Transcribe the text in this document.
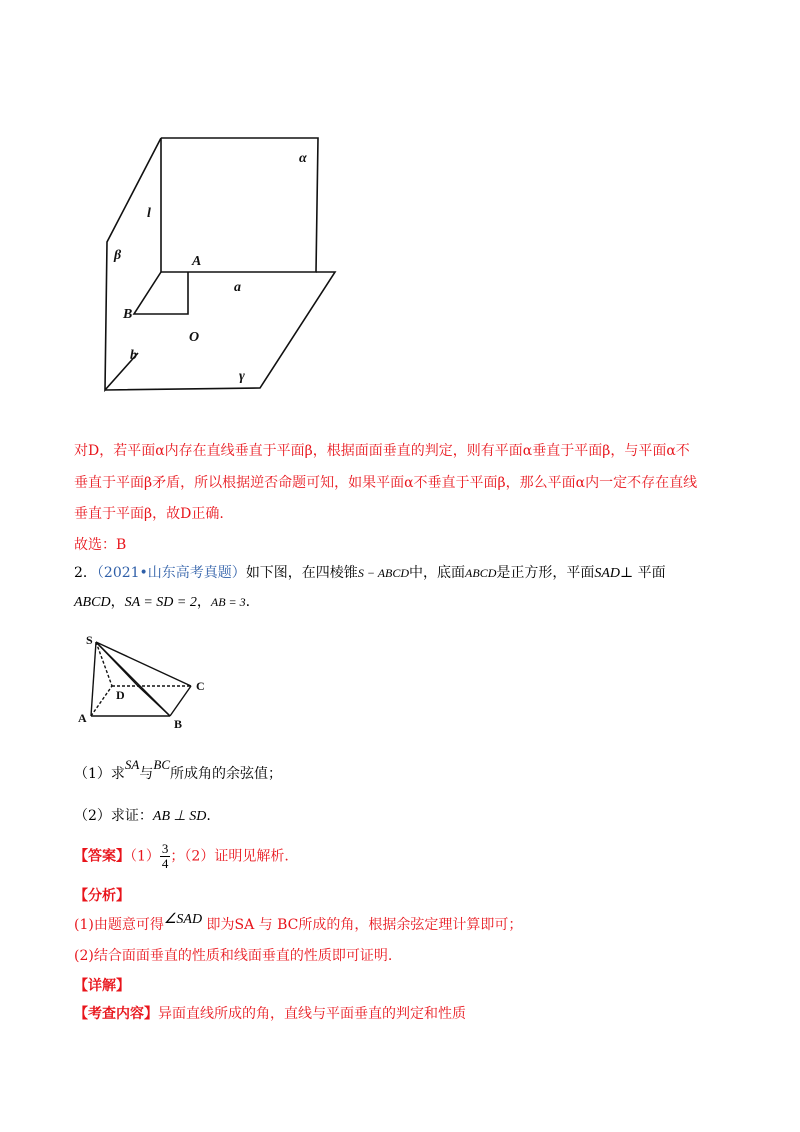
α
l
β	A
a
B
O
b
γ
对D，若平面α内存在直线垂直于平面β，根据面面垂直的判定，则有平面α垂直于平面β，与平面α不
垂直于平面β矛盾，所以根据逆否命题可知，如果平面α不垂直于平面β，那么平面α内一定不存在直线
垂直于平面β，故D正确.
故选：B
2．（2021•山东高考真题）如下图，在四棱锥S − ABCD中，底面ABCD是正方形，平面SAD⊥ 平面
ABCD，SA = SD = 2，AB = 3.
S
D
C
A	B
（1）求SA与BC所成角的余弦值；
（2）求证：AB ⊥ SD.
【答案】$(1) \frac{3}{4}$ ；（2）证明见解析.
【分析】
(1)由题意可得∠SAD 即为SA 与 BC所成的角，根据余弦定理计算即可；
(2)结合面面垂直的性质和线面垂直的性质即可证明.
【详解】
【考查内容】异面直线所成的角，直线与平面垂直的判定和性质
